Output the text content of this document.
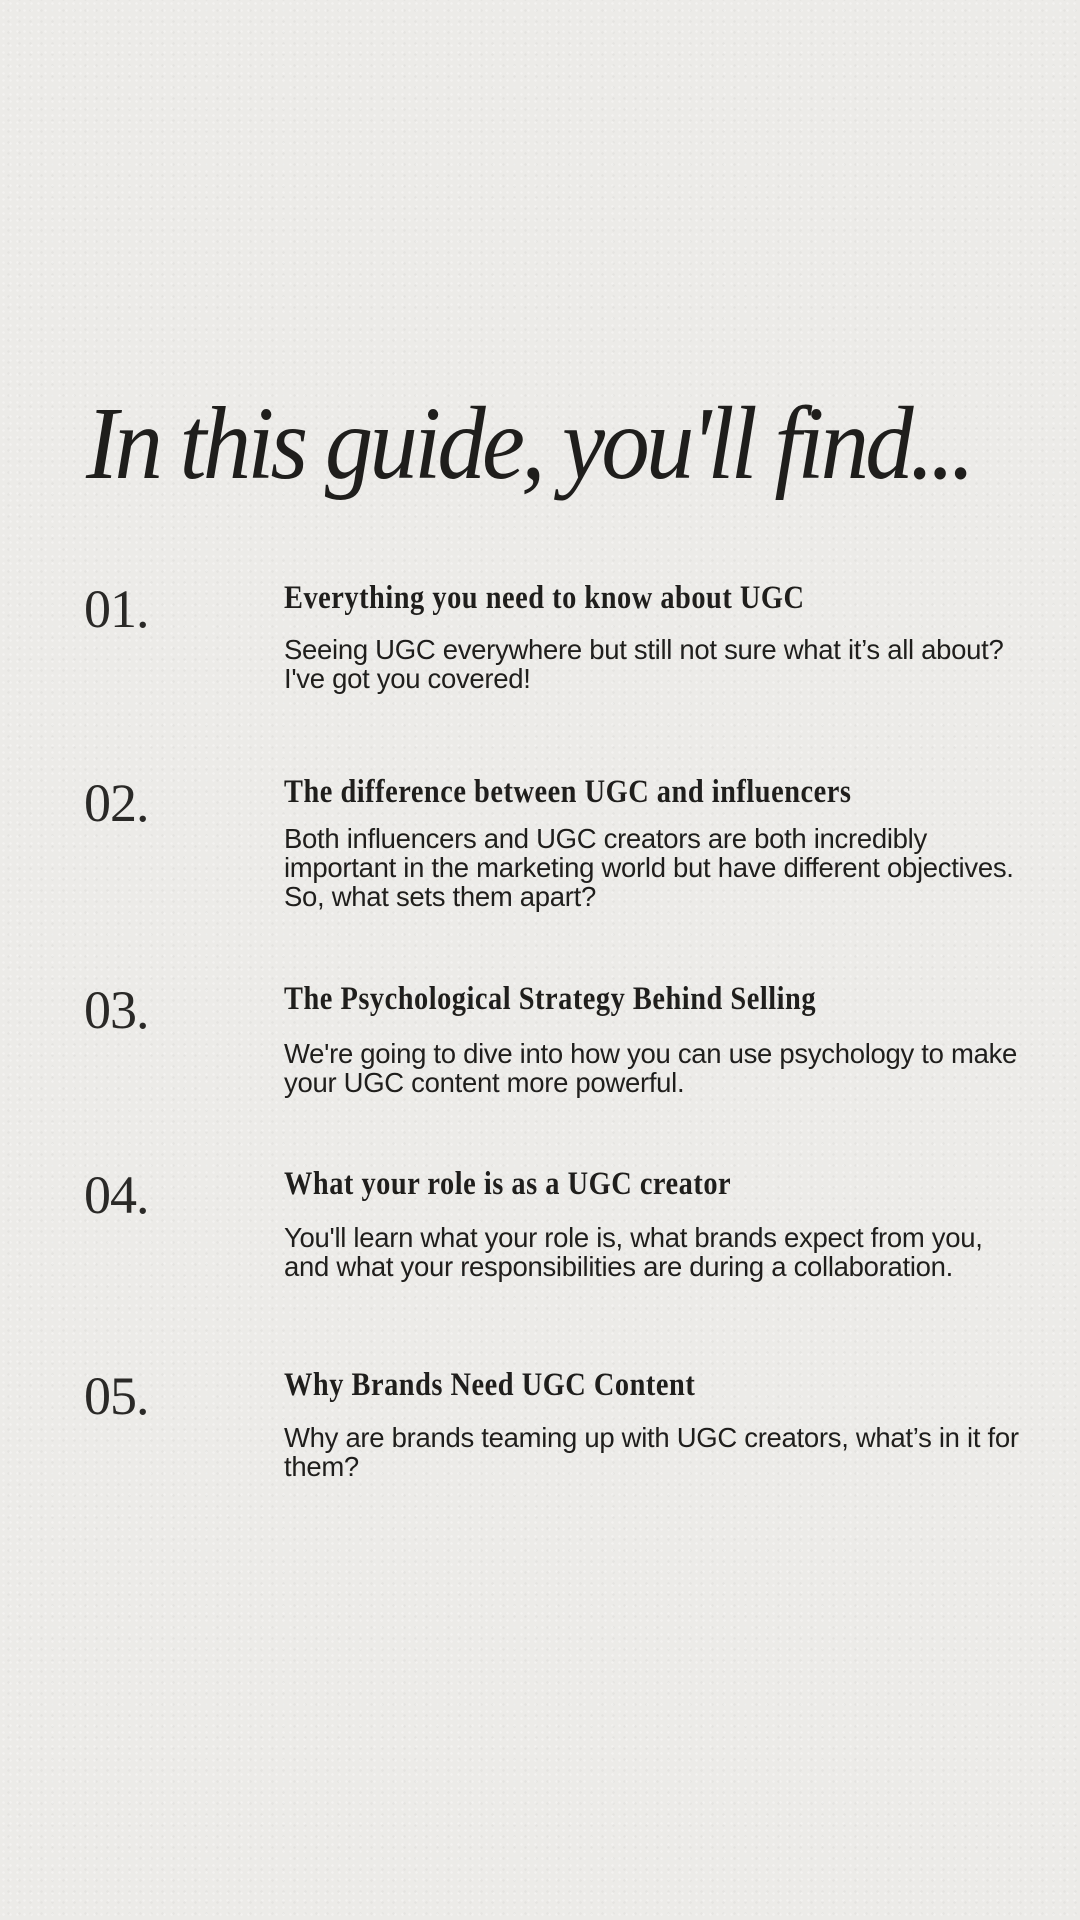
In this guide, you'll find...
01.	Everything you need to know about UGC

Seeing UGC everywhere but still not sure what it’s all about? I've got you covered!

02.	The difference between UGC and influencers

Both influencers and UGC creators are both incredibly important in the marketing world but have different objectives. So, what sets them apart?

03.	The Psychological Strategy Behind Selling

We're going to dive into how you can use psychology to make your UGC content more powerful.

04.	What your role is as a UGC creator

You'll learn what your role is, what brands expect from you, and what your responsibilities are during a collaboration.

05.	Why Brands Need UGC Content

Why are brands teaming up with UGC creators, what’s in it for them?
